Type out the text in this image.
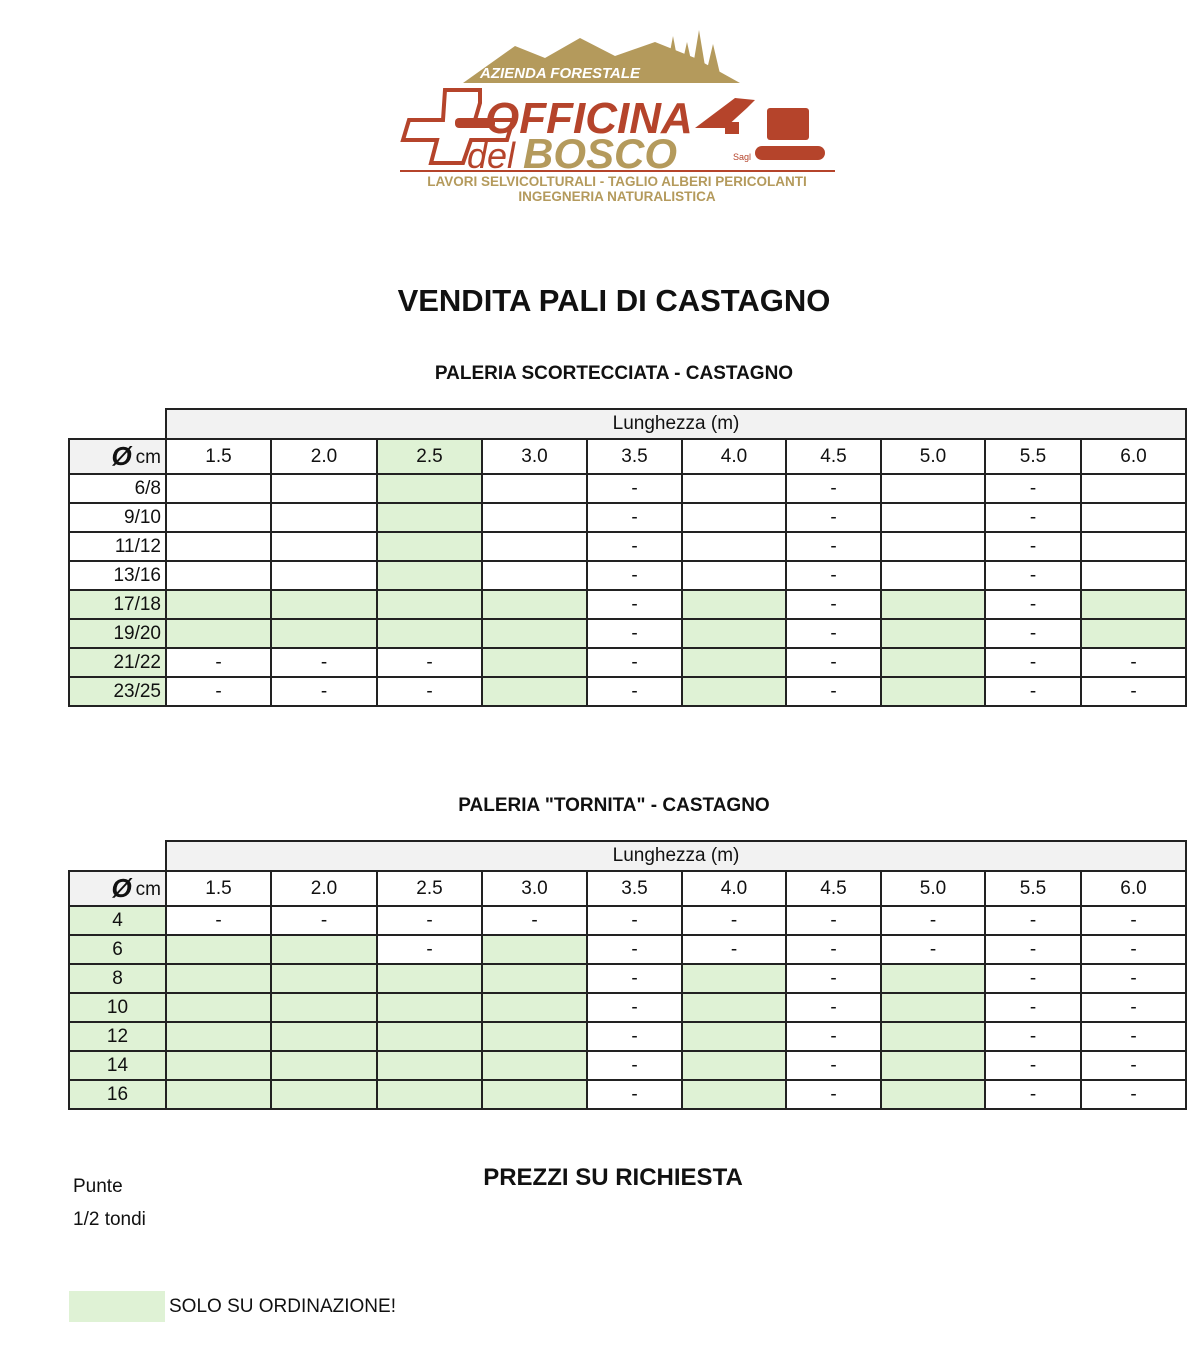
AZIENDA FORESTALE
OFFICINA
del BOSCO	Sagl
LAVORI SELVICOLTURALI - TAGLIO ALBERI PERICOLANTI
INGEGNERIA NATURALISTICA
VENDITA PALI DI CASTAGNO
PALERIA SCORTECCIATA - CASTAGNO
	Lunghezza (m)									
Ø cm	1.5	2.0	2.5	3.0	3.5	4.0	4.5	5.0	5.5	6.0
6/8					-		-		-	
9/10					-		-		-	
11/12					-		-		-	
13/16					-		-		-	
17/18					-		-		-	
19/20					-		-		-	
21/22	-	-	-		-		-		-	-
23/25	-	-	-		-		-		-	-
PALERIA "TORNITA" - CASTAGNO
	Lunghezza (m)									
Ø cm	1.5	2.0	2.5	3.0	3.5	4.0	4.5	5.0	5.5	6.0
4	-	-	-	-	-	-	-	-	-	-
6			-		-	-	-	-	-	-
8					-		-		-	-
10					-		-		-	-
12					-		-		-	-
14					-		-		-	-
16					-		-		-	-
Punte
1/2 tondi
PREZZI SU RICHIESTA
SOLO SU ORDINAZIONE!
